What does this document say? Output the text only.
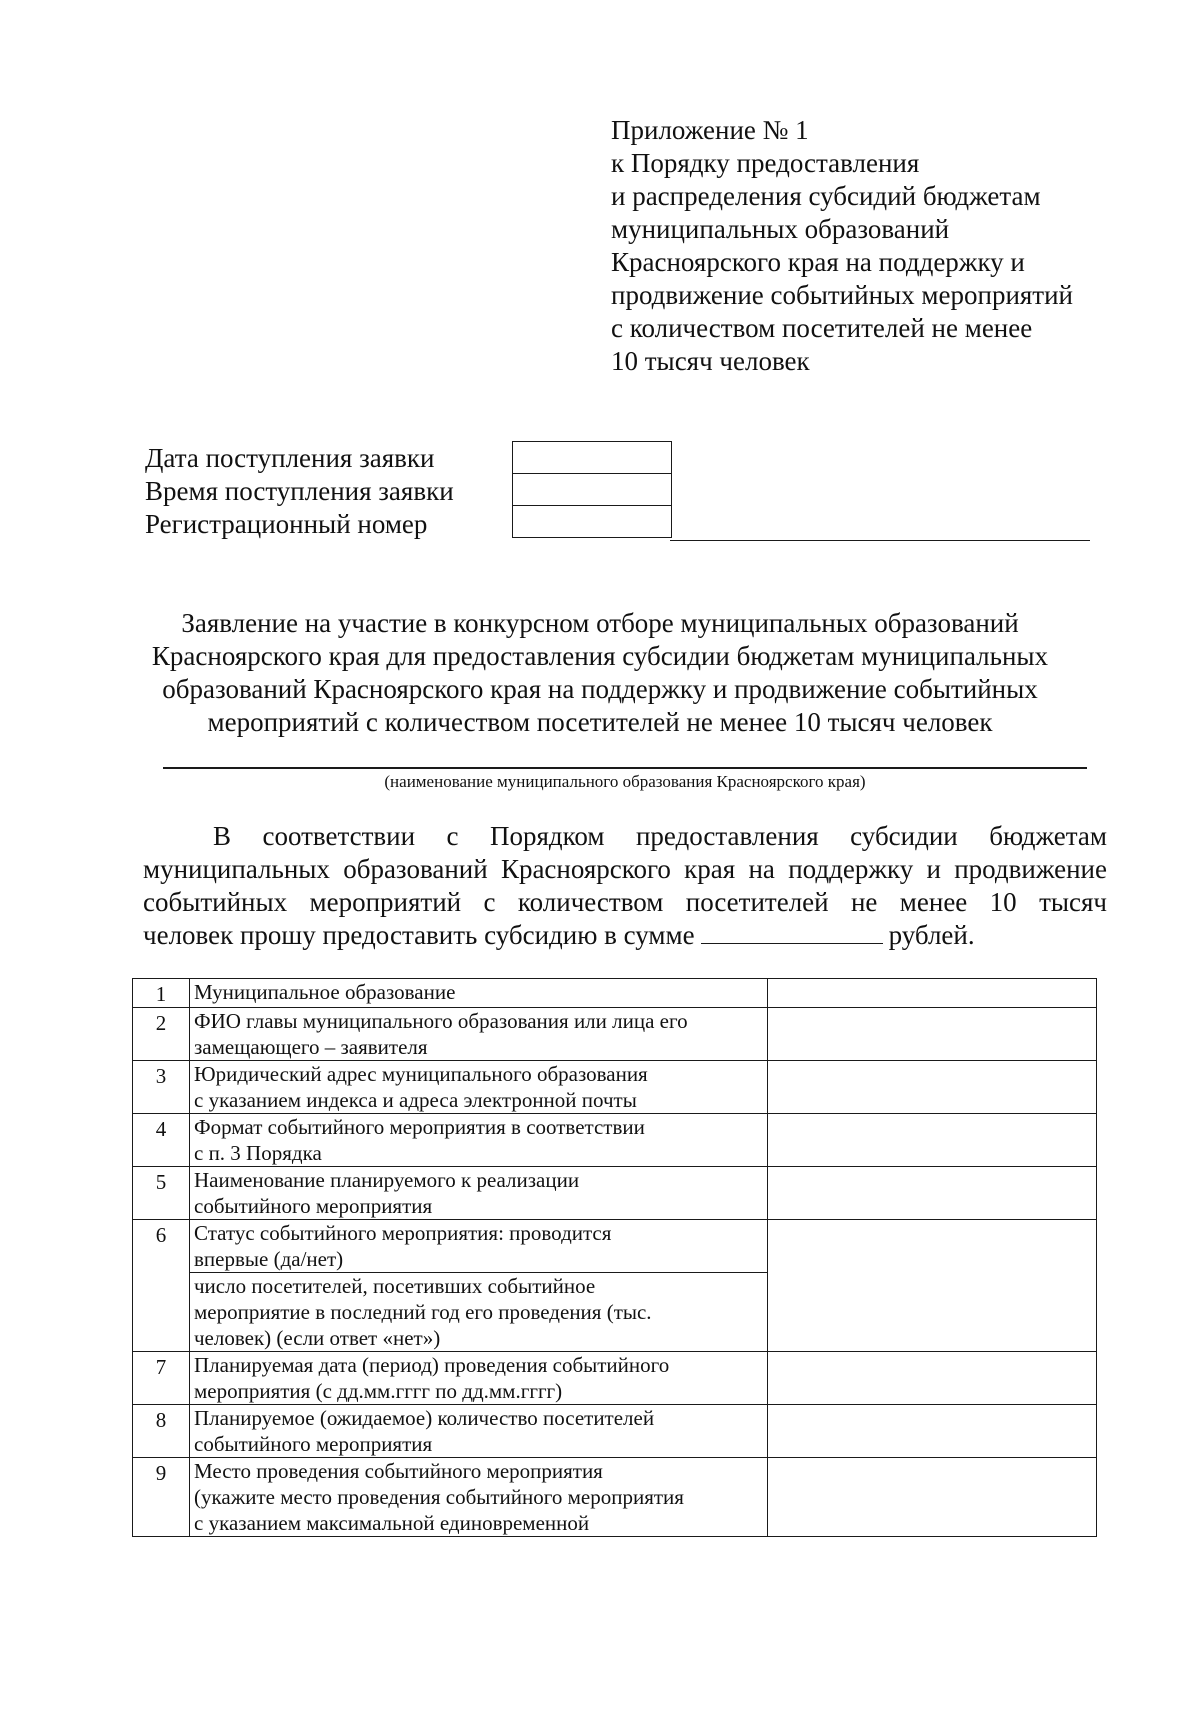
Приложение № 1
к Порядку предоставления
и распределения субсидий бюджетам
муниципальных образований
Красноярского края на поддержку и
продвижение событийных мероприятий
с количеством посетителей не менее
10 тысяч человек
Дата поступления заявки
Время поступления заявки
Регистрационный номер
Заявление на участие в конкурсном отборе муниципальных образований
Красноярского края для предоставления субсидии бюджетам муниципальных
образований Красноярского края на поддержку и продвижение событийных
мероприятий с количеством посетителей не менее 10 тысяч человек
(наименование муниципального образования Красноярского края)
В соответствии с Порядком предоставления субсидии бюджетам
муниципальных образований Красноярского края на поддержку и продвижение
событийных мероприятий с количеством посетителей не менее 10 тысяч
человек прошу предоставить субсидию в сумме	рублей.
1	Муниципальное образование	

2	ФИО главы муниципального образования или лица его
замещающего – заявителя	

3	Юридический адрес муниципального образования
с указанием индекса и адреса электронной почты	

4	Формат событийного мероприятия в соответствии
с п. 3 Порядка	

5	Наименование планируемого к реализации
событийного мероприятия	

6	Статус событийного мероприятия: проводится
впервые (да/нет)	

	число посетителей, посетивших событийное
мероприятие в последний год его проведения (тыс.
человек) (если ответ «нет»)	

7	Планируемая дата (период) проведения событийного
мероприятия (с дд.мм.гггг по дд.мм.гггг)	

8	Планируемое (ожидаемое) количество посетителей
событийного мероприятия	

9	Место проведения событийного мероприятия
(укажите место проведения событийного мероприятия
с указанием максимальной единовременной	
